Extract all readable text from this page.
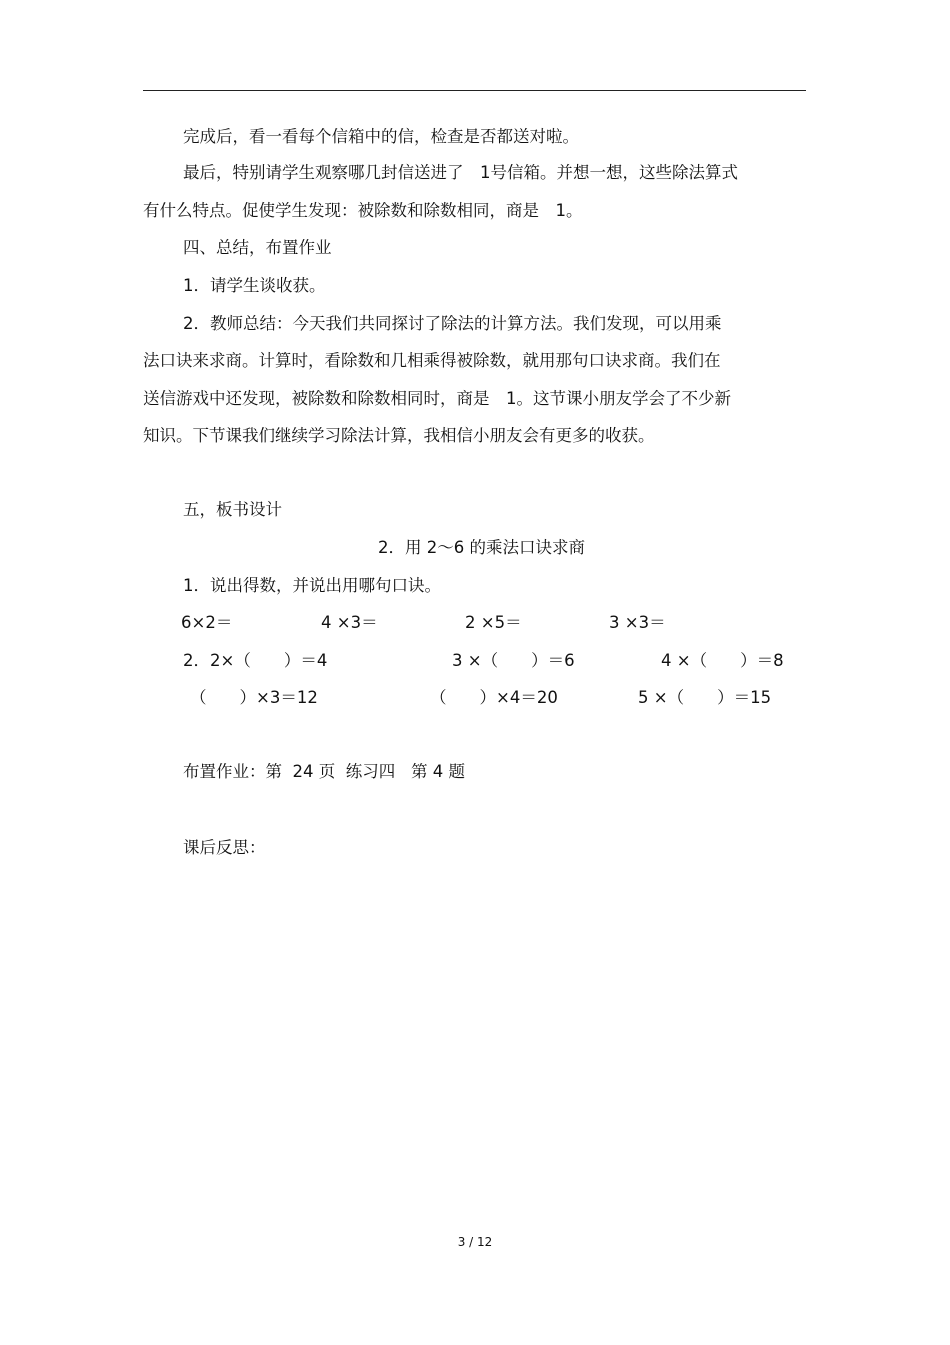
完成后，看一看每个信箱中的信，检查是否都送对啦。
最后，特别请学生观察哪几封信送进了　1号信箱。并想一想，这些除法算式
有什么特点。促使学生发现：被除数和除数相同，商是　1。
四、总结，布置作业
1．请学生谈收获。
2．教师总结：今天我们共同探讨了除法的计算方法。我们发现，可以用乘
法口诀来求商。计算时，看除数和几相乘得被除数，就用那句口诀求商。我们在
送信游戏中还发现，被除数和除数相同时，商是　1。这节课小朋友学会了不少新
知识。下节课我们继续学习除法计算，我相信小朋友会有更多的收获。
五，板书设计
2．用 2～6 的乘法口诀求商
1．说出得数，并说出用哪句口诀。
6×2＝	4 ×3＝	2 ×5＝	3 ×3＝
2．2×（　　）＝4	3 ×（　　）＝6	4 ×（　　）＝8
（　　）×3＝12	（　　）×4＝20	5 ×（　　）＝15
布置作业：第  24 页  练习四   第 4 题
课后反思：
3 / 12
